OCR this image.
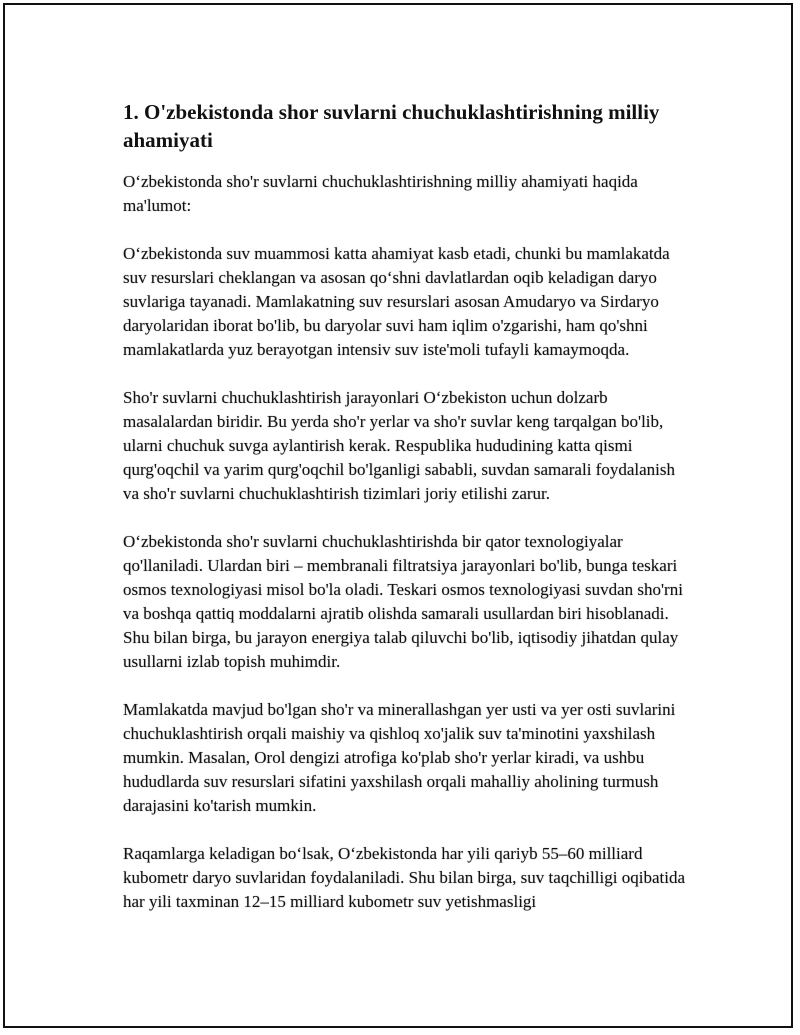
1. O'zbekistonda shor suvlarni chuchuklashtirishning milliy ahamiyati

O‘zbekistonda sho'r suvlarni chuchuklashtirishning milliy ahamiyati haqida ma'lumot:

O‘zbekistonda suv muammosi katta ahamiyat kasb etadi, chunki bu mamlakatda suv resurslari cheklangan va asosan qo‘shni davlatlardan oqib keladigan daryo suvlariga tayanadi. Mamlakatning suv resurslari asosan Amudaryo va Sirdaryo daryolaridan iborat bo'lib, bu daryolar suvi ham iqlim o'zgarishi, ham qo'shni mamlakatlarda yuz berayotgan intensiv suv iste'moli tufayli kamaymoqda.

Sho'r suvlarni chuchuklashtirish jarayonlari O‘zbekiston uchun dolzarb masalalardan biridir. Bu yerda sho'r yerlar va sho'r suvlar keng tarqalgan bo'lib, ularni chuchuk suvga aylantirish kerak. Respublika hududining katta qismi qurg'oqchil va yarim qurg'oqchil bo'lganligi sababli, suvdan samarali foydalanish va sho'r suvlarni chuchuklashtirish tizimlari joriy etilishi zarur.

O‘zbekistonda sho'r suvlarni chuchuklashtirishda bir qator texnologiyalar qo'llaniladi. Ulardan biri – membranali filtratsiya jarayonlari bo'lib, bunga teskari osmos texnologiyasi misol bo'la oladi. Teskari osmos texnologiyasi suvdan sho'rni va boshqa qattiq moddalarni ajratib olishda samarali usullardan biri hisoblanadi. Shu bilan birga, bu jarayon energiya talab qiluvchi bo'lib, iqtisodiy jihatdan qulay usullarni izlab topish muhimdir.

Mamlakatda mavjud bo'lgan sho'r va minerallashgan yer usti va yer osti suvlarini chuchuklashtirish orqali maishiy va qishloq xo'jalik suv ta'minotini yaxshilash mumkin. Masalan, Orol dengizi atrofiga ko'plab sho'r yerlar kiradi, va ushbu hududlarda suv resurslari sifatini yaxshilash orqali mahalliy aholining turmush darajasini ko'tarish mumkin.

Raqamlarga keladigan bo‘lsak, O‘zbekistonda har yili qariyb 55–60 milliard kubometr daryo suvlaridan foydalaniladi. Shu bilan birga, suv taqchilligi oqibatida har yili taxminan 12–15 milliard kubometr suv yetishmasligi
